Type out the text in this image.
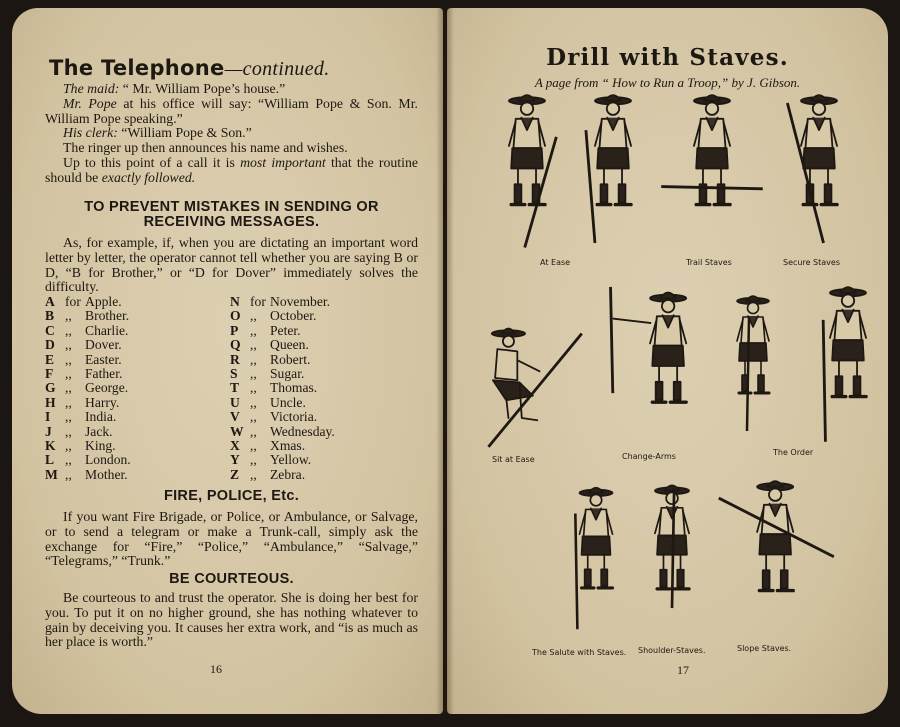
The Telephone—continued.

The maid: “ Mr. William Pope’s house.”

Mr. Pope at his office will say: “William Pope & Son. Mr. William Pope speaking.”

His clerk: “William Pope & Son.”

The ringer up then announces his name and wishes.

Up to this point of a call it is most important that the routine should be exactly followed.

TO PREVENT MISTAKES IN SENDING OR RECEIVING MESSAGES.

As, for example, if, when you are dictating an important word letter by letter, the operator cannot tell whether you are saying B or D, “B for Brother,” or “D for Dover” immediately solves the difficulty.

A for Apple.
B ,, Brother.
C ,, Charlie.
D ,, Dover.
E ,, Easter.
F ,, Father.
G ,, George.
H ,, Harry.
I ,, India.
J ,, Jack.
K ,, King.
L ,, London.
M ,, Mother.
N for November.
O ,, October.
P ,, Peter.
Q ,, Queen.
R ,, Robert.
S ,, Sugar.
T ,, Thomas.
U ,, Uncle.
V ,, Victoria.
W ,, Wednesday.
X ,, Xmas.
Y ,, Yellow.
Z ,, Zebra.
FIRE, POLICE, Etc.

If you want Fire Brigade, or Police, or Ambulance, or Salvage, or to send a telegram or make a Trunk-call, simply ask the exchange for “Fire,” “Police,” “Ambulance,” “Salvage,” “Telegrams,” “Trunk.”

BE COURTEOUS.

Be courteous to and trust the operator. She is doing her best for you. To put it on no higher ground, she has nothing whatever to gain by deceiving you. It causes her extra work, and “is as much as her place is worth.”

16
Drill with Staves.
A page from “ How to Run a Troop,” by J. Gibson.
At Ease	Trail Staves	Secure Staves
Sit at Ease	Change-Arms	The Order
The Salute with Staves. Shoulder-Staves.	Slope Staves.
17
